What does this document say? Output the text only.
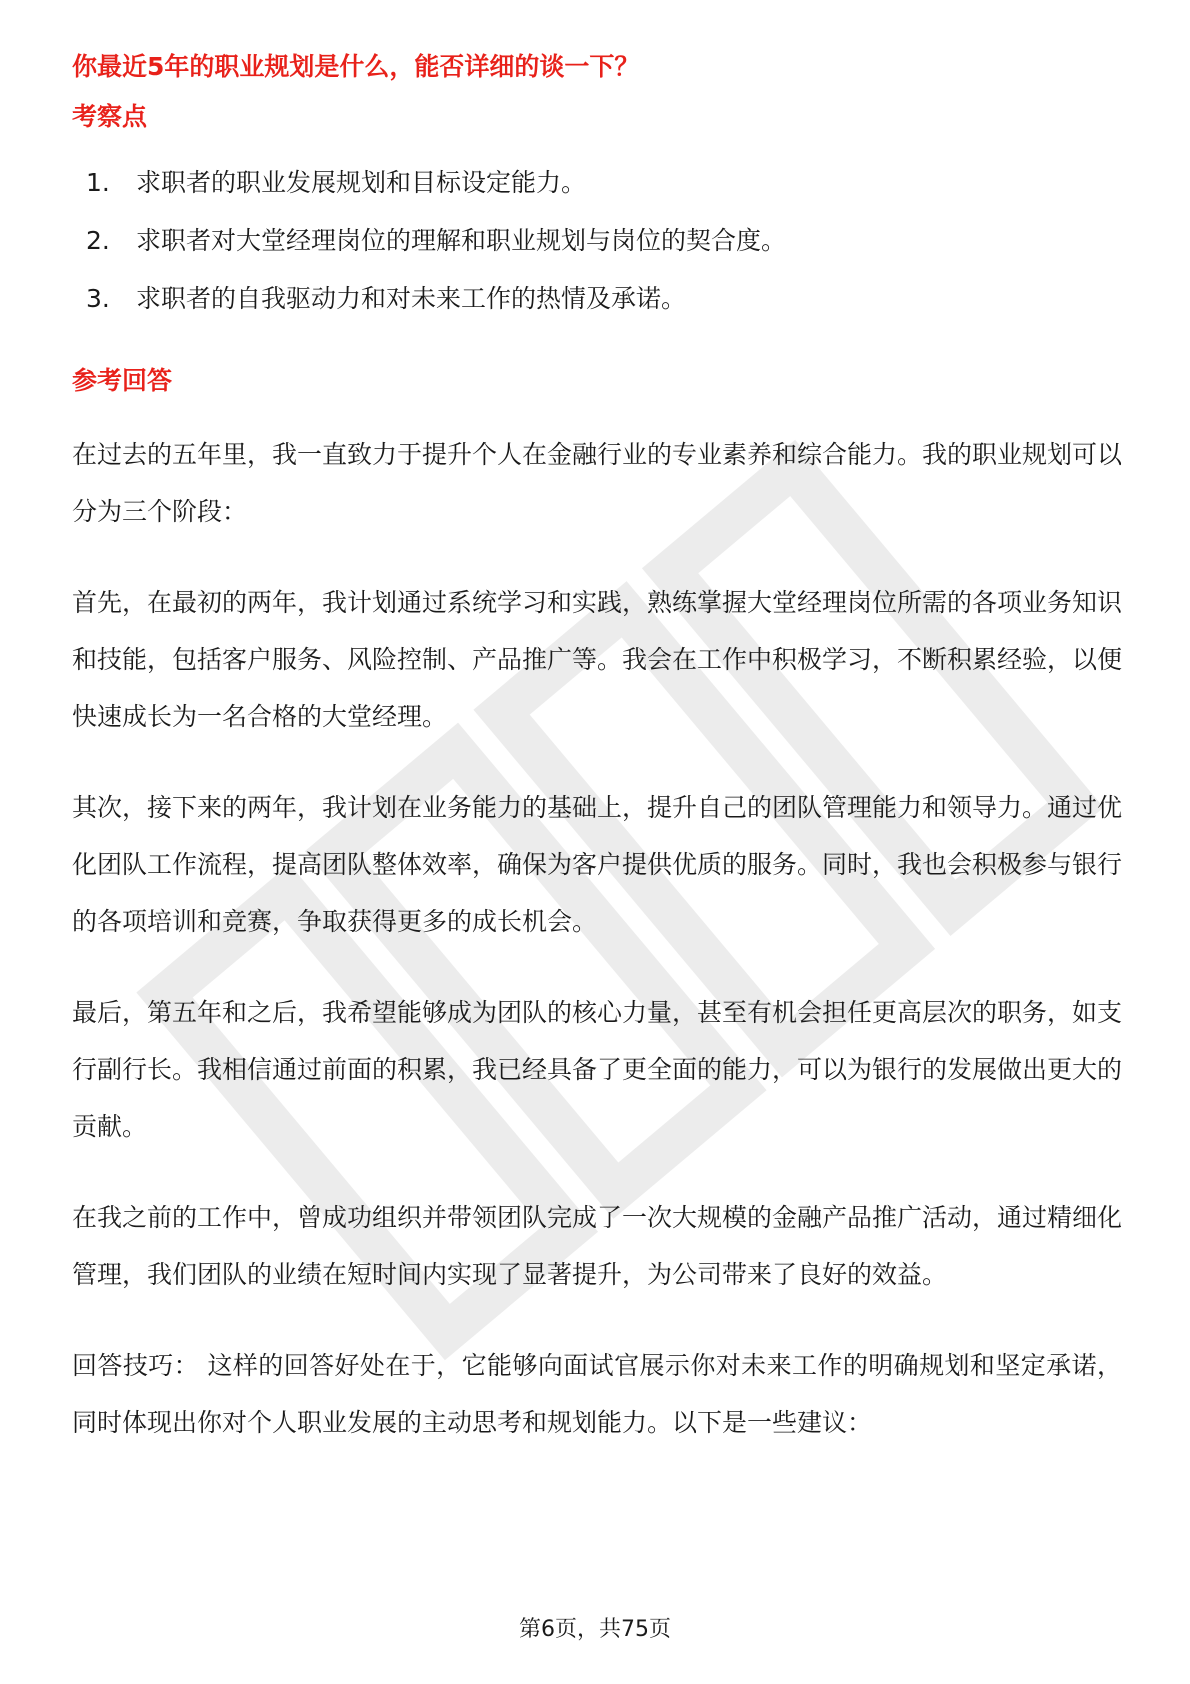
你最近5年的职业规划是什么，能否详细的谈一下？
考察点
1.	求职者的职业发展规划和目标设定能力。
2.	求职者对大堂经理岗位的理解和职业规划与岗位的契合度。
3.	求职者的自我驱动力和对未来工作的热情及承诺。
参考回答

在过去的五年里，我一直致力于提升个人在金融行业的专业素养和综合能力。我的职业规划可以分为三个阶段：

首先，在最初的两年，我计划通过系统学习和实践，熟练掌握大堂经理岗位所需的各项业务知识和技能，包括客户服务、风险控制、产品推广等。我会在工作中积极学习，不断积累经验，以便快速成长为一名合格的大堂经理。

其次，接下来的两年，我计划在业务能力的基础上，提升自己的团队管理能力和领导力。通过优化团队工作流程，提高团队整体效率，确保为客户提供优质的服务。同时，我也会积极参与银行的各项培训和竞赛，争取获得更多的成长机会。

最后，第五年和之后，我希望能够成为团队的核心力量，甚至有机会担任更高层次的职务，如支行副行长。我相信通过前面的积累，我已经具备了更全面的能力，可以为银行的发展做出更大的贡献。

在我之前的工作中，曾成功组织并带领团队完成了一次大规模的金融产品推广活动，通过精细化管理，我们团队的业绩在短时间内实现了显著提升，为公司带来了良好的效益。

回答技巧： 这样的回答好处在于，它能够向面试官展示你对未来工作的明确规划和坚定承诺，同时体现出你对个人职业发展的主动思考和规划能力。以下是一些建议：

第6页，共75页
